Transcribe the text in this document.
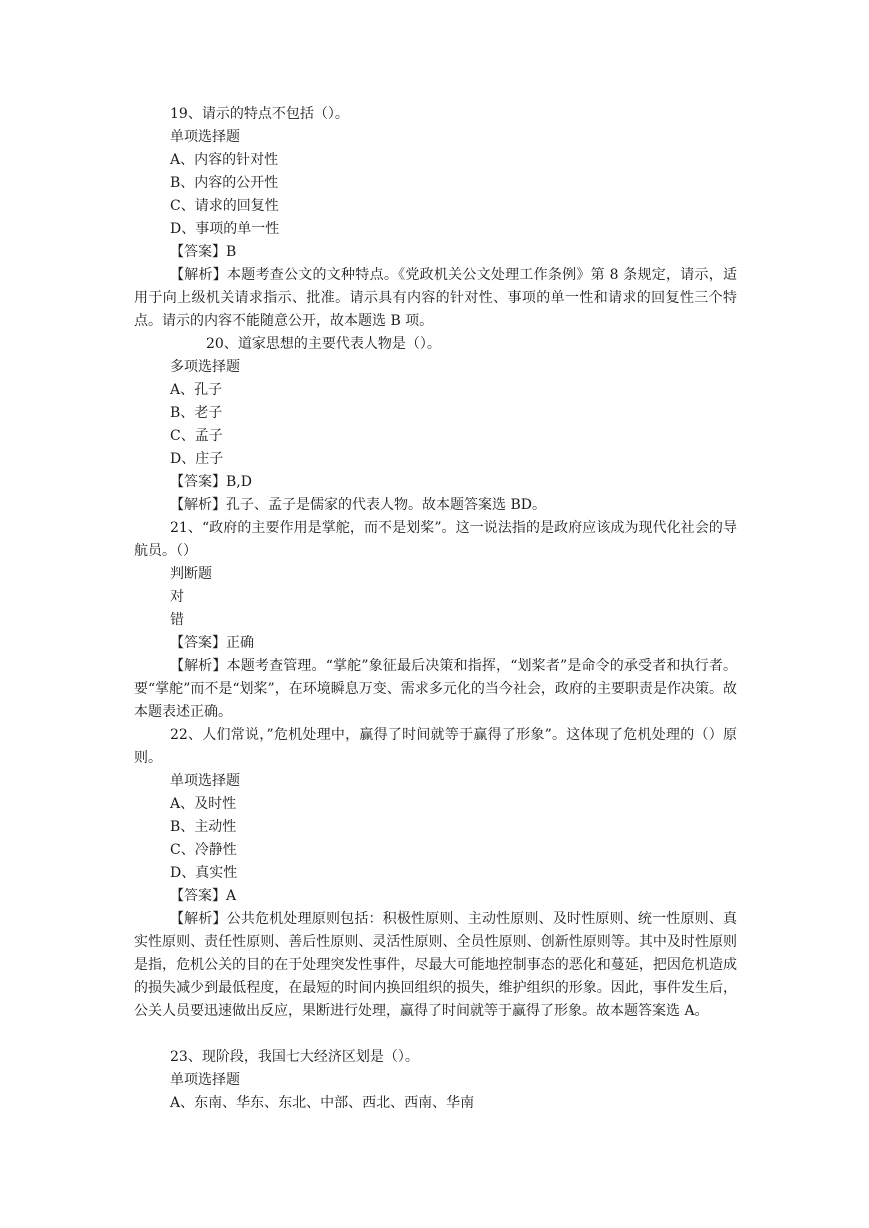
19、请示的特点不包括（）。
单项选择题
A、内容的针对性
B、内容的公开性
C、请求的回复性
D、事项的单一性
【答案】B
【解析】本题考查公文的文种特点。《党政机关公文处理工作条例》第 8 条规定，请示，适用于向上级机关请求指示、批准。请示具有内容的针对性、事项的单一性和请求的回复性三个特点。请示的内容不能随意公开，故本题选 B 项。
20、道家思想的主要代表人物是（）。
多项选择题
A、孔子
B、老子
C、孟子
D、庄子
【答案】B,D
【解析】孔子、孟子是儒家的代表人物。故本题答案选 BD。
21、“政府的主要作用是掌舵，而不是划桨”。这一说法指的是政府应该成为现代化社会的导航员。（）
判断题
对
错
【答案】正确
【解析】本题考查管理。“掌舵”象征最后决策和指挥，“划桨者”是命令的承受者和执行者。要“掌舵”而不是“划桨”，在环境瞬息万变、需求多元化的当今社会，政府的主要职责是作决策。故本题表述正确。
22、人们常说，”危机处理中，赢得了时间就等于赢得了形象”。这体现了危机处理的（）原则。
单项选择题
A、及时性
B、主动性
C、冷静性
D、真实性
【答案】A
【解析】公共危机处理原则包括：积极性原则、主动性原则、及时性原则、统一性原则、真实性原则、责任性原则、善后性原则、灵活性原则、全员性原则、创新性原则等。其中及时性原则是指，危机公关的目的在于处理突发性事件，尽最大可能地控制事态的恶化和蔓延，把因危机造成的损失减少到最低程度，在最短的时间内换回组织的损失，维护组织的形象。因此，事件发生后，公关人员要迅速做出反应，果断进行处理，赢得了时间就等于赢得了形象。故本题答案选 A。
23、现阶段，我国七大经济区划是（）。
单项选择题
A、东南、华东、东北、中部、西北、西南、华南
